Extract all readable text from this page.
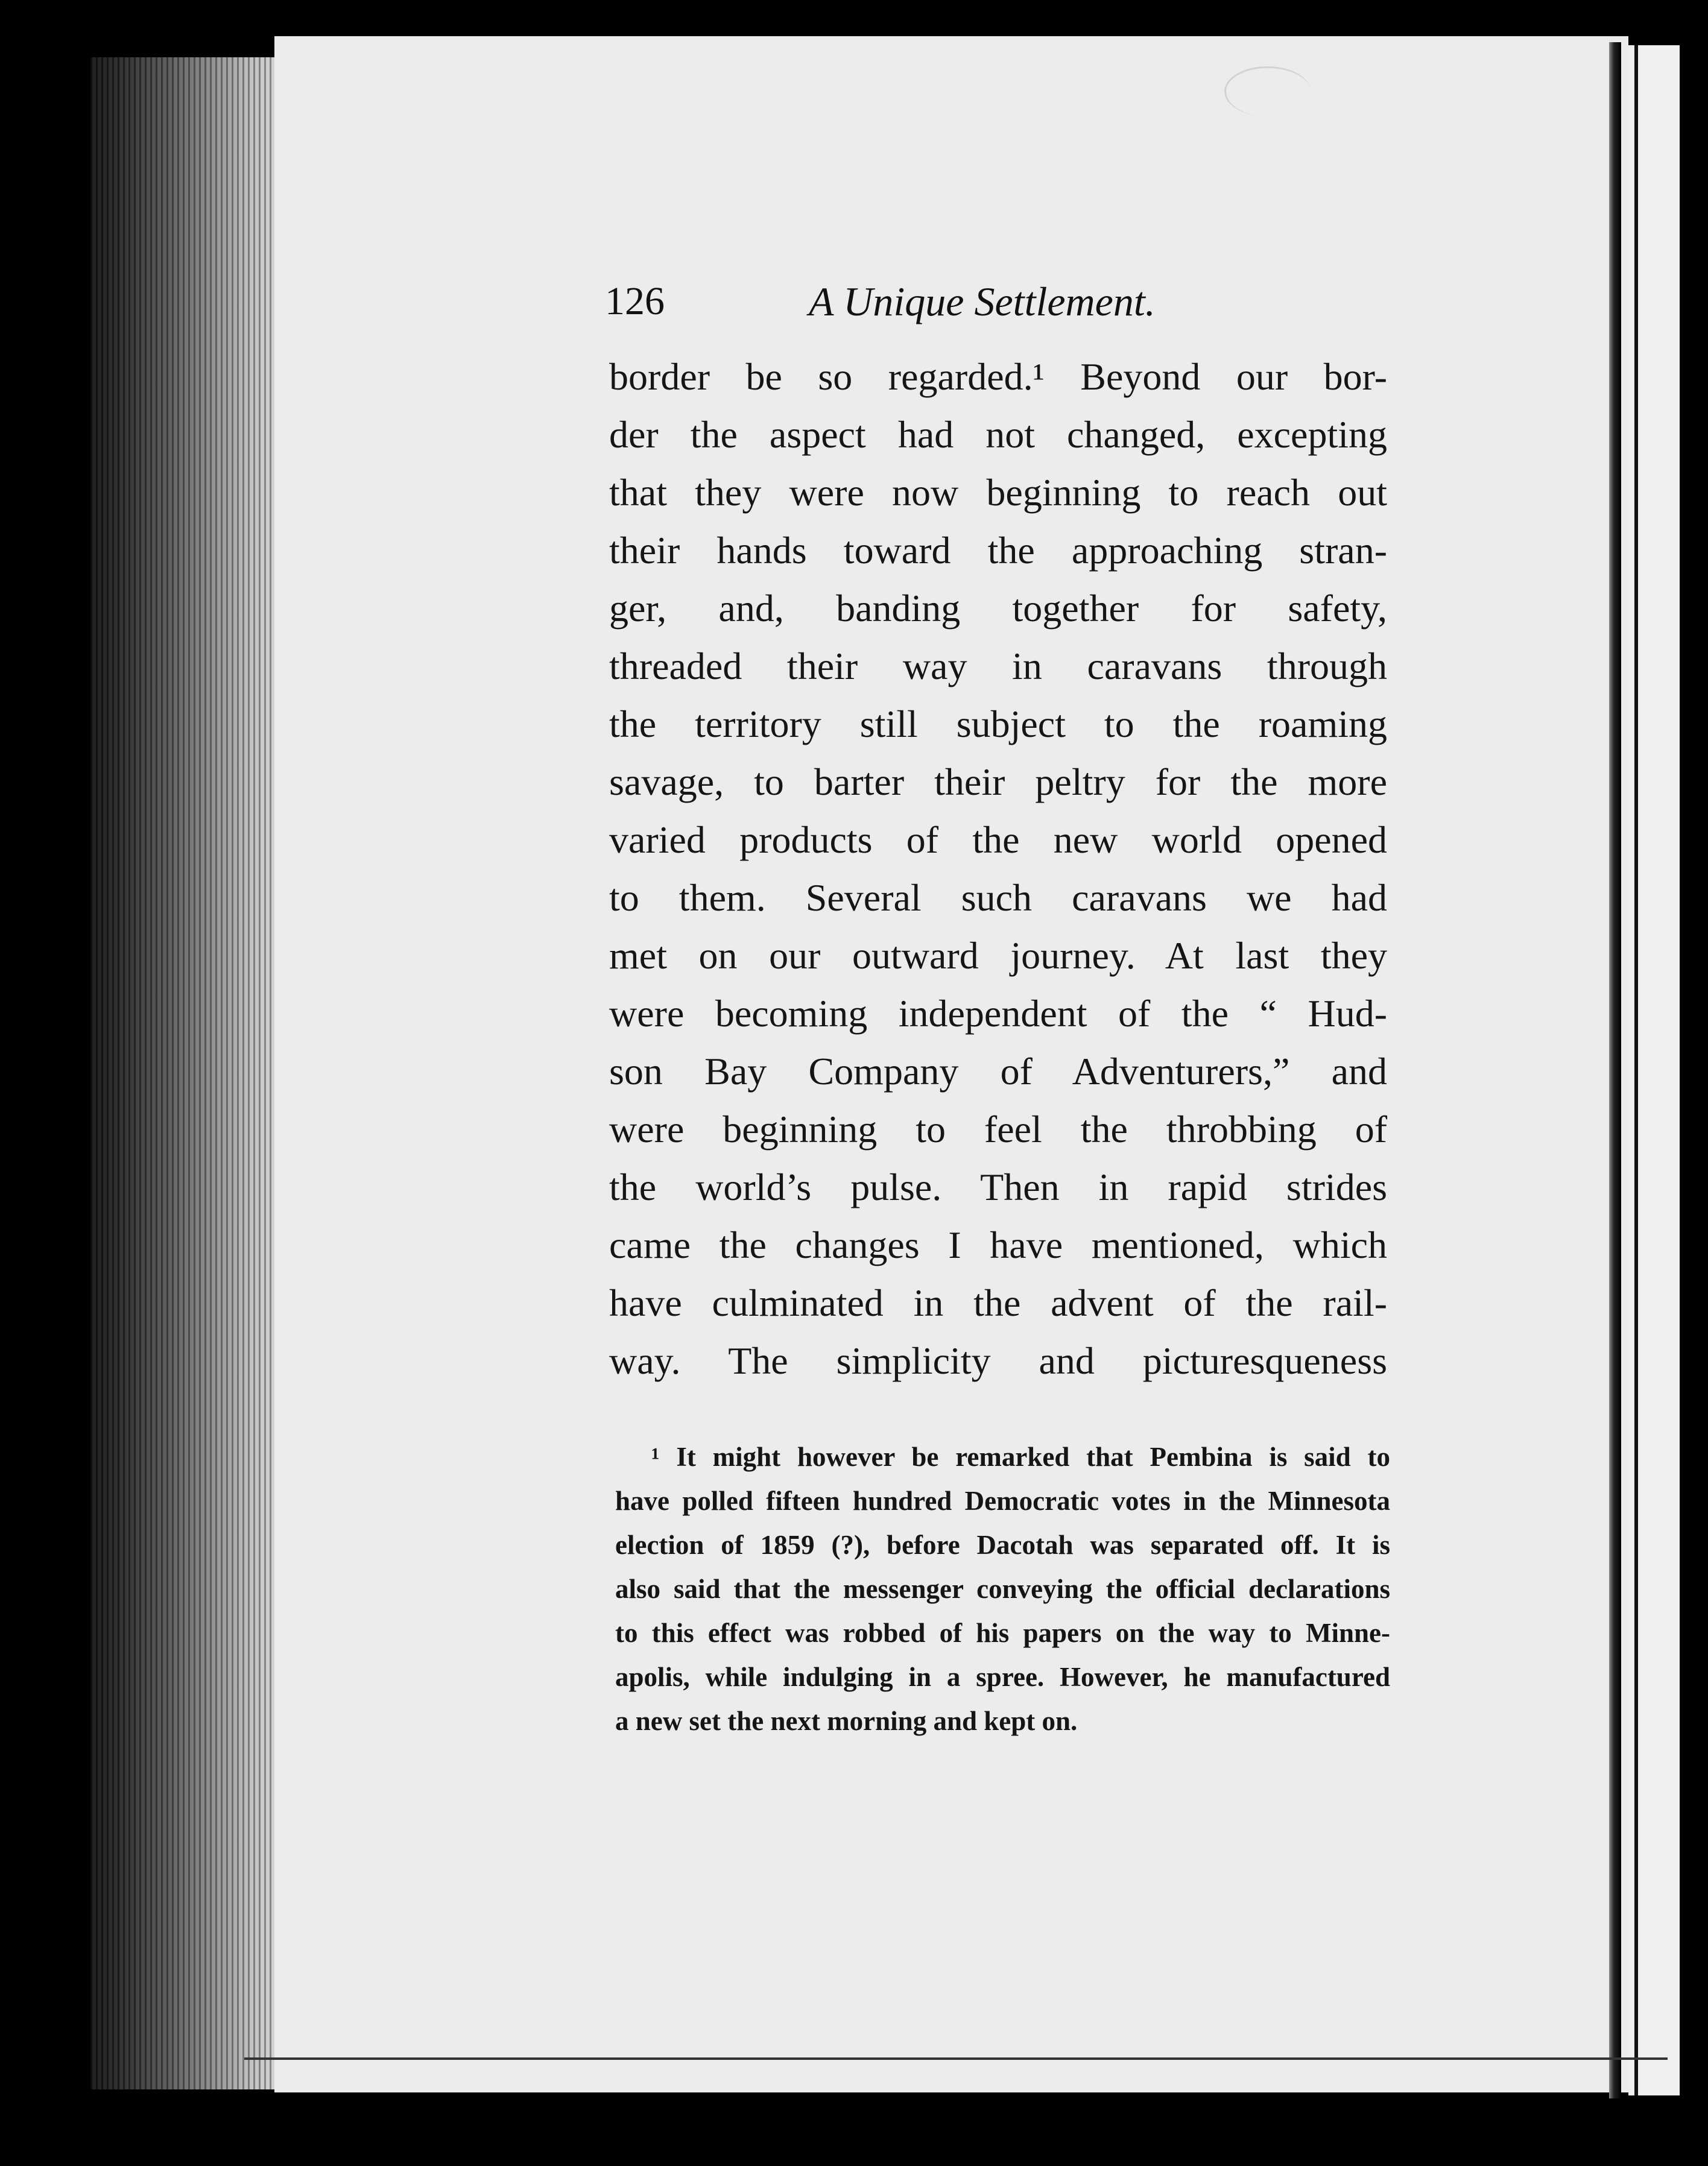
126	A Unique Settlement.
border be so regarded.¹ Beyond our bor-
der the aspect had not changed, excepting
that they were now beginning to reach out
their hands toward the approaching stran-
ger, and, banding together for safety,
threaded their way in caravans through
the territory still subject to the roaming
savage, to barter their peltry for the more
varied products of the new world opened
to them. Several such caravans we had
met on our outward journey. At last they
were becoming independent of the “ Hud-
son Bay Company of Adventurers,” and
were beginning to feel the throbbing of
the world’s pulse. Then in rapid strides
came the changes I have mentioned, which
have culminated in the advent of the rail-
way. The simplicity and picturesqueness
¹ It might however be remarked that Pembina is said to
have polled fifteen hundred Democratic votes in the Minnesota
election of 1859 (?), before Dacotah was separated off. It is
also said that the messenger conveying the official declarations
to this effect was robbed of his papers on the way to Minne-
apolis, while indulging in a spree. However, he manufactured
a new set the next morning and kept on.
